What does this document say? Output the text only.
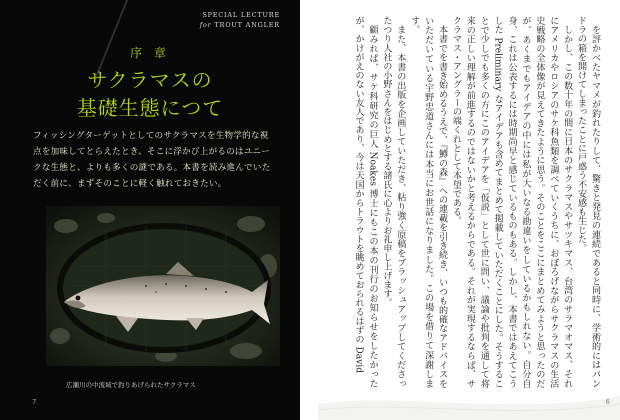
SPECIAL LECTURE
for TROUT ANGLER
序 章
サクラマスの
基礎生態につて
フィッシングターゲットとしてのサクラマスを生物学的な視点を加味してとらえたとき、そこに浮かび上がるのはユニークな生態と、よりも多くの謎である。本書を読み進んでいただく前に、まずそのことに軽く触れておきたい。
広瀬川の中流域で釣りあげられたサクラマス
7

を評かべたヤマメが釣れたりして、驚きと発見の連続であると同時に、学術的にはパンドラの箱を開けてしまったことに戸惑う不安感も生じた。

しかし、この数十年の間に日本のサクラマスやサツキマス、台湾のサラマオマス、それにアメリカやロシアのサケ科魚類を調べていくうちに、おぼろげながらサクラマスの生活史戦略の全体像が見えてきたように思う。そのことをここにまとめてみようと思ったのだが、あくまでもアイデアの中には私が大いなる勘違いをしているかもしれない。自分自身、これは公表するには時期尚早と感じているものもある。しかし、本書ではあえてこうした Preliminary なアイデアも含めてまとめて掲載していただくことにした。そうすることで少しでも多くの方にこのアイデアを「仮説」として世に問い、議論や批判を通して将来の正しい理解が前進するのではないかと考えるからである。それが実現するならば、サクラマス・アングラーの端くれとして本望である。

本書でを書き始めるうえで、『鱒の森』への連載を引き続き、いつも的確なアドバイスをいただいている宇野忠道さんには本当にお世話になりました。この場を借りて深謝します。

また、本書の出版を企画していただき、粘り強く原稿をブラッシュアップしてくださったつり人社の小野さんをはじめとする諸氏に心よりお礼申し上げます。

顧みれば、サケ科研究の巨人 Noakes 博士にもこの本の刊行のお知らせをしたかったが、かけがえのない友人であり、今は天国からトラウトを眺めておられるはずの David

6
